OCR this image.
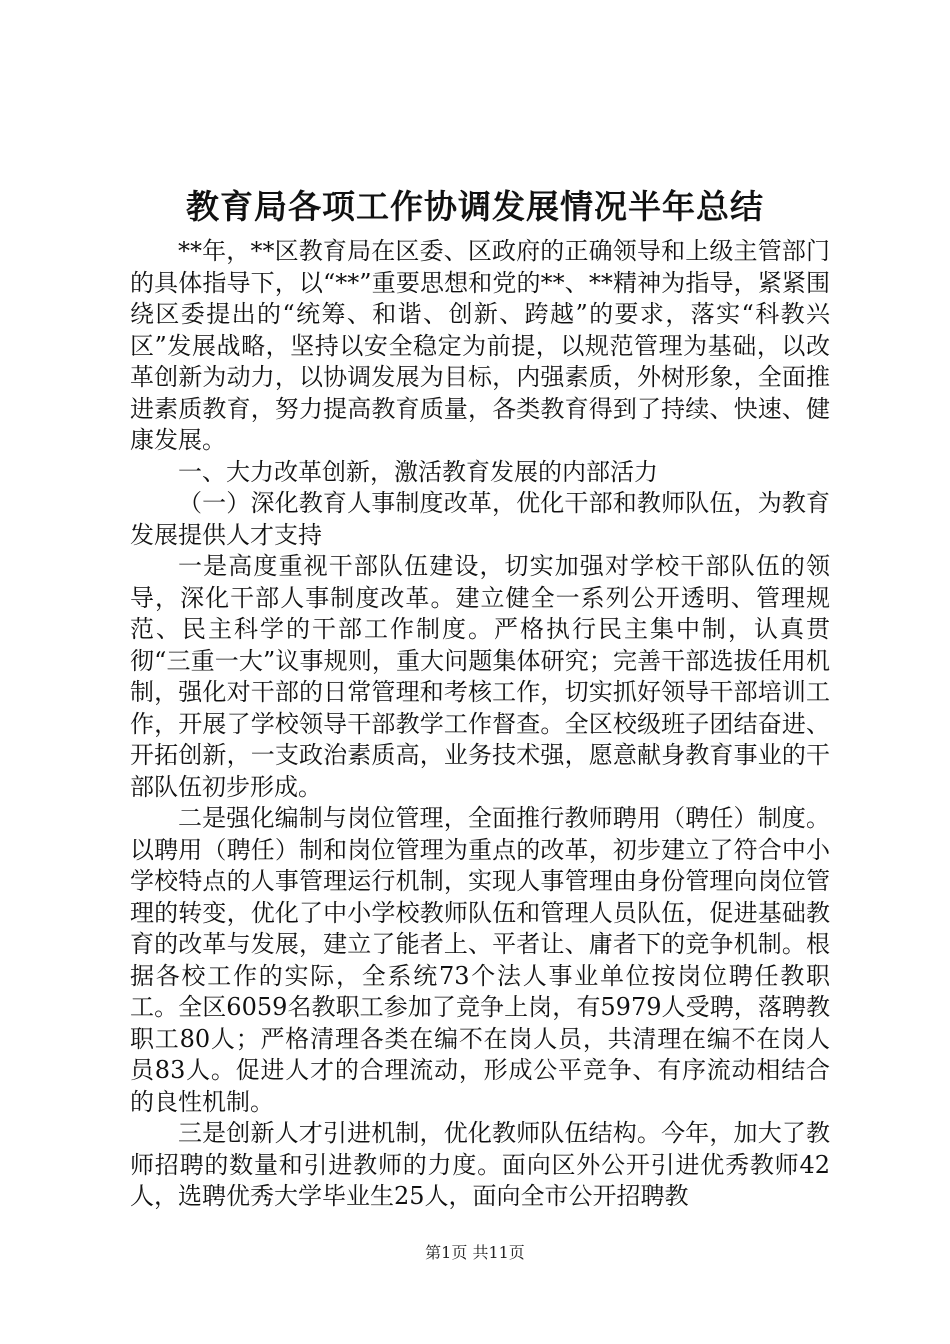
教育局各项工作协调发展情况半年总结

**年，**区教育局在区委、区政府的正确领导和上级主管部门的具体指导下，以“**”重要思想和党的**、**精神为指导，紧紧围绕区委提出的“统筹、和谐、创新、跨越”的要求，落实“科教兴区”发展战略，坚持以安全稳定为前提，以规范管理为基础，以改革创新为动力，以协调发展为目标，内强素质，外树形象，全面推进素质教育，努力提高教育质量，各类教育得到了持续、快速、健康发展。

一、大力改革创新，激活教育发展的内部活力

（一）深化教育人事制度改革，优化干部和教师队伍，为教育发展提供人才支持

一是高度重视干部队伍建设，切实加强对学校干部队伍的领导，深化干部人事制度改革。建立健全一系列公开透明、管理规范、民主科学的干部工作制度。严格执行民主集中制，认真贯彻“三重一大”议事规则，重大问题集体研究；完善干部选拔任用机制，强化对干部的日常管理和考核工作，切实抓好领导干部培训工作，开展了学校领导干部教学工作督查。全区校级班子团结奋进、开拓创新，一支政治素质高，业务技术强，愿意献身教育事业的干部队伍初步形成。

二是强化编制与岗位管理，全面推行教师聘用（聘任）制度。以聘用（聘任）制和岗位管理为重点的改革，初步建立了符合中小学校特点的人事管理运行机制，实现人事管理由身份管理向岗位管理的转变，优化了中小学校教师队伍和管理人员队伍，促进基础教育的改革与发展，建立了能者上、平者让、庸者下的竞争机制。根据各校工作的实际，全系统73个法人事业单位按岗位聘任教职工。全区6059名教职工参加了竞争上岗，有5979人受聘，落聘教职工80人；严格清理各类在编不在岗人员，共清理在编不在岗人员83人。促进人才的合理流动，形成公平竞争、有序流动相结合的良性机制。

三是创新人才引进机制，优化教师队伍结构。今年，加大了教师招聘的数量和引进教师的力度。面向区外公开引进优秀教师42人，选聘优秀大学毕业生25人，面向全市公开招聘教

第1页 共11页
